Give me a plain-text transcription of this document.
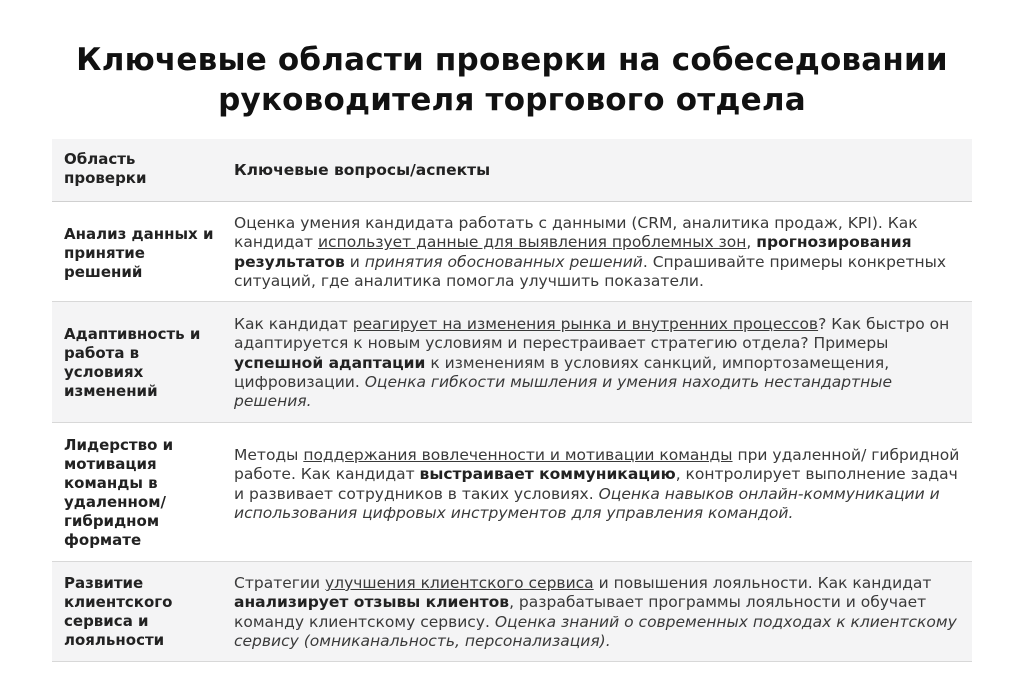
Ключевые области проверки на собеседовании руководителя торгового отдела
Область проверки	Ключевые вопросы/аспекты
Анализ данных и принятие решений
Оценка умения кандидата работать с данными (CRM, аналитика продаж, KPI). Как кандидат использует данные для выявления проблемных зон, прогнозирования результатов и принятия обоснованных решений. Спрашивайте примеры конкретных ситуаций, где аналитика помогла улучшить показатели.
Адаптивность и работа в условиях изменений
Как кандидат реагирует на изменения рынка и внутренних процессов? Как быстро он адаптируется к новым условиям и перестраивает стратегию отдела? Примеры успешной адаптации к изменениям в условиях санкций, импортозамещения, цифровизации. Оценка гибкости мышления и умения находить нестандартные решения.
Лидерство и мотивация команды в удаленном/ гибридном формате
Методы поддержания вовлеченности и мотивации команды при удаленной/ гибридной работе. Как кандидат выстраивает коммуникацию, контролирует выполнение задач и развивает сотрудников в таких условиях. Оценка навыков онлайн-коммуникации и использования цифровых инструментов для управления командой.
Развитие клиентского сервиса и лояльности
Стратегии улучшения клиентского сервиса и повышения лояльности. Как кандидат анализирует отзывы клиентов, разрабатывает программы лояльности и обучает команду клиентскому сервису. Оценка знаний о современных подходах к клиентскому сервису (омниканальность, персонализация).
